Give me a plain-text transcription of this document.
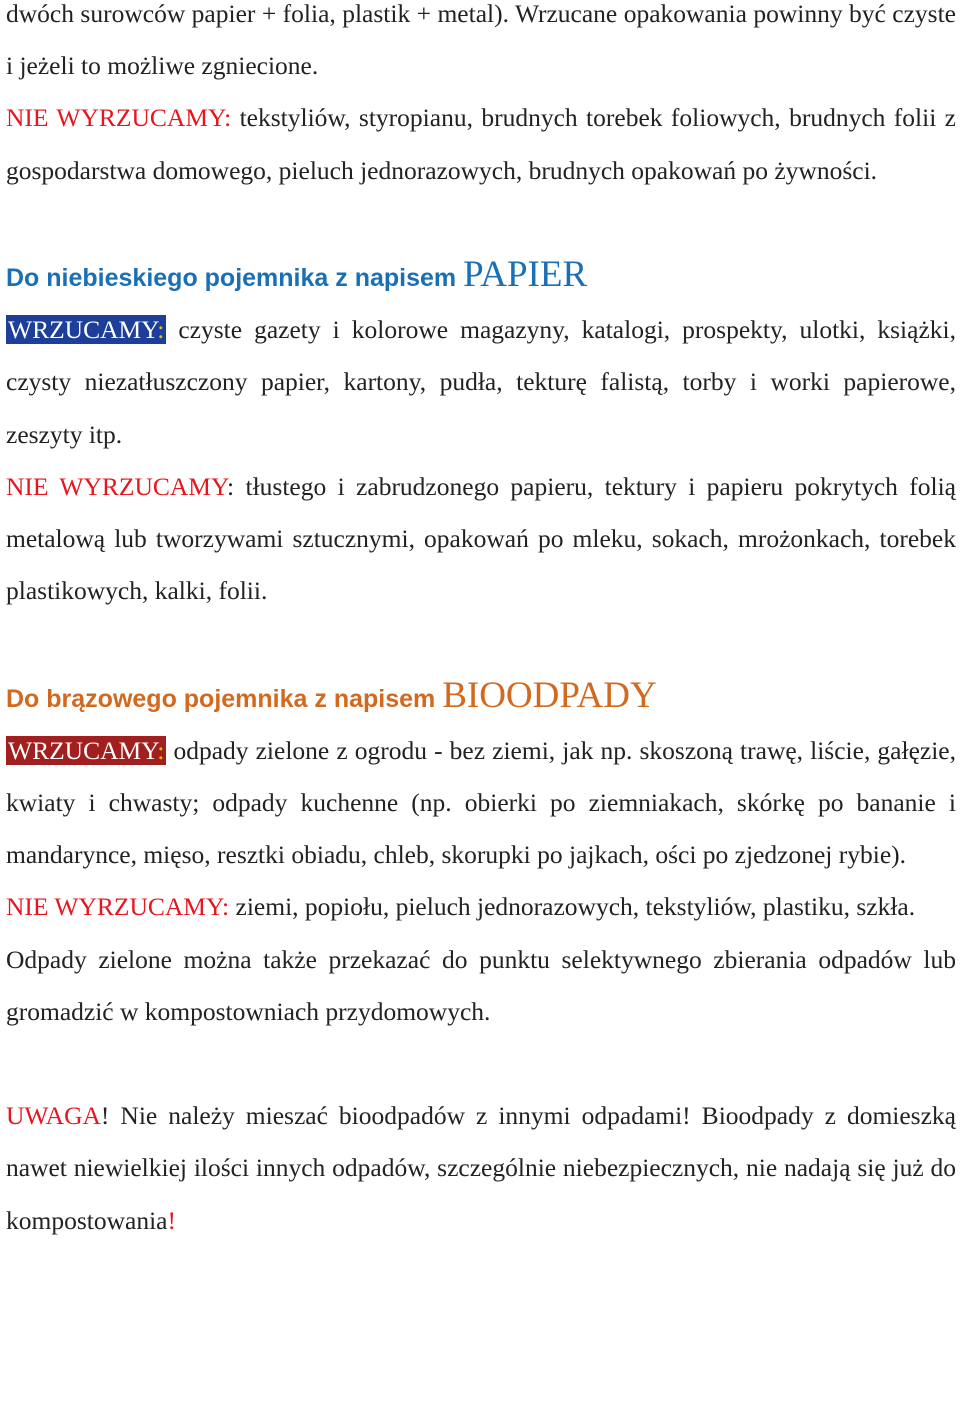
dwóch surowców papier + folia, plastik + metal). Wrzucane opakowania powinny być czyste i jeżeli to możliwe zgniecione.

NIE WYRZUCAMY: tekstyliów, styropianu, brudnych torebek foliowych, brudnych folii z gospodarstwa domowego, pieluch jednorazowych, brudnych opakowań po żywności.

Do niebieskiego pojemnika z napisem PAPIER

WRZUCAMY: czyste gazety i kolorowe magazyny, katalogi, prospekty, ulotki, książki, czysty niezatłuszczony papier, kartony, pudła, tekturę falistą, torby i worki papierowe, zeszyty itp.

NIE WYRZUCAMY: tłustego i zabrudzonego papieru, tektury i papieru pokrytych folią metalową lub tworzywami sztucznymi, opakowań po mleku, sokach, mrożonkach, torebek plastikowych, kalki, folii.

Do brązowego pojemnika z napisem BIOODPADY

WRZUCAMY: odpady zielone z ogrodu - bez ziemi, jak np. skoszoną trawę, liście, gałęzie, kwiaty i chwasty; odpady kuchenne (np. obierki po ziemniakach, skórkę po bananie i mandarynce, mięso, resztki obiadu, chleb, skorupki po jajkach, ości po zjedzonej rybie).

NIE WYRZUCAMY: ziemi, popiołu, pieluch jednorazowych, tekstyliów, plastiku, szkła.

Odpady zielone można także przekazać do punktu selektywnego zbierania odpadów lub gromadzić w kompostowniach przydomowych.

UWAGA! Nie należy mieszać bioodpadów z innymi odpadami! Bioodpady z domieszką nawet niewielkiej ilości innych odpadów, szczególnie niebezpiecznych, nie nadają się już do kompostowania!
